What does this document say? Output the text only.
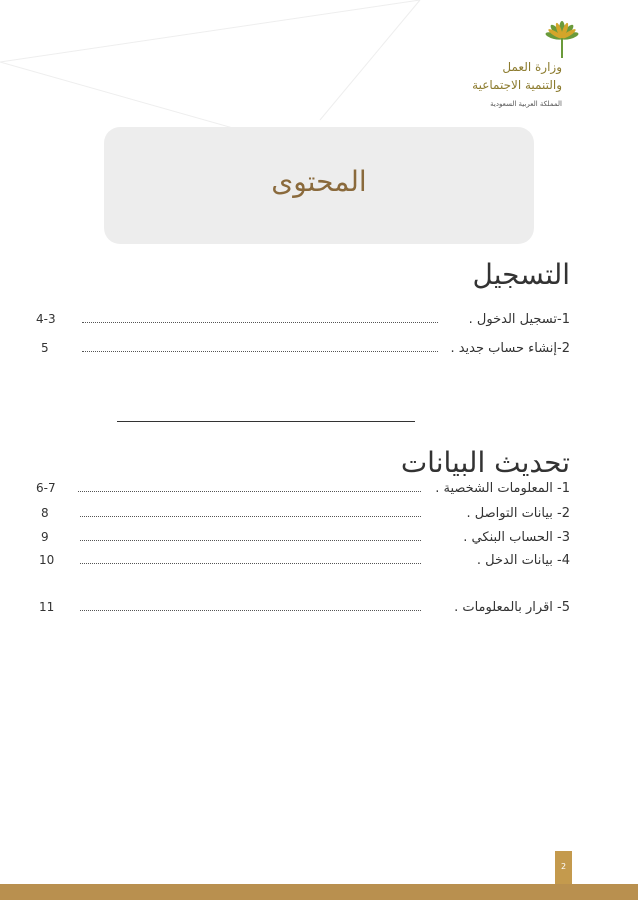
وزارة العمل
والتنمية الاجتماعية
المملكة العربية السعودية
المحتوى
التسجيل
1-تسجيل الدخول .
4-3
2-إنشاء حساب جديد .
5
تحديث البيانات
1- المعلومات الشخصية .
6-7
2- بيانات التواصل .
8
3- الحساب البنكي .
9
4- بيانات الدخل .
10
5- اقرار بالمعلومات .
11
2
